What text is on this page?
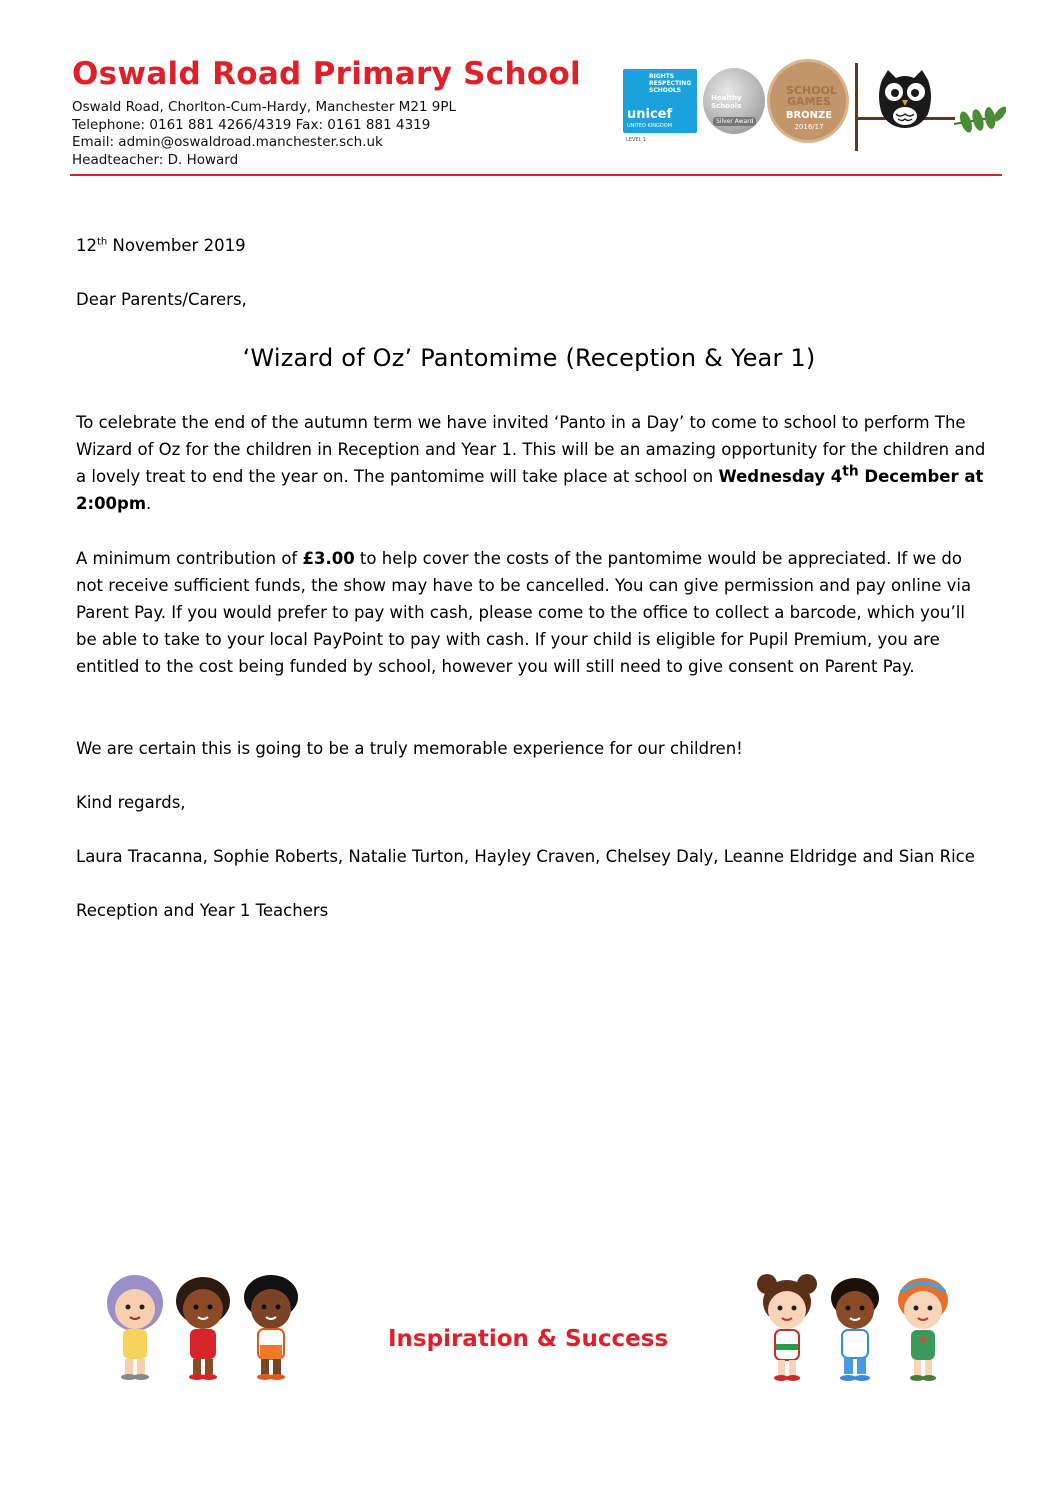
Oswald Road Primary School
Oswald Road, Chorlton-Cum-Hardy, Manchester M21 9PL
Telephone: 0161 881 4266/4319 Fax: 0161 881 4319
Email: admin@oswaldroad.manchester.sch.uk
Headteacher: D. Howard
RIGHTS RESPECTING SCHOOLS
unicef
UNITED KINGDOM
LEVEL 1
Healthy Schools
Silver Award
SCHOOL GAMES
BRONZE
2016/17
12th November 2019
Dear Parents/Carers,
‘Wizard of Oz’ Pantomime (Reception & Year 1)
To celebrate the end of the autumn term we have invited ‘Panto in a Day’ to come to school to perform The Wizard of Oz for the children in Reception and Year 1. This will be an amazing opportunity for the children and a lovely treat to end the year on. The pantomime will take place at school on Wednesday 4th December at 2:00pm.
A minimum contribution of £3.00 to help cover the costs of the pantomime would be appreciated. If we do not receive sufficient funds, the show may have to be cancelled. You can give permission and pay online via Parent Pay. If you would prefer to pay with cash, please come to the office to collect a barcode, which you’ll be able to take to your local PayPoint to pay with cash. If your child is eligible for Pupil Premium, you are entitled to the cost being funded by school, however you will still need to give consent on Parent Pay.
We are certain this is going to be a truly memorable experience for our children!
Kind regards,
Laura Tracanna, Sophie Roberts, Natalie Turton, Hayley Craven, Chelsey Daly, Leanne Eldridge and Sian Rice
Reception and Year 1 Teachers
Inspiration & Success
